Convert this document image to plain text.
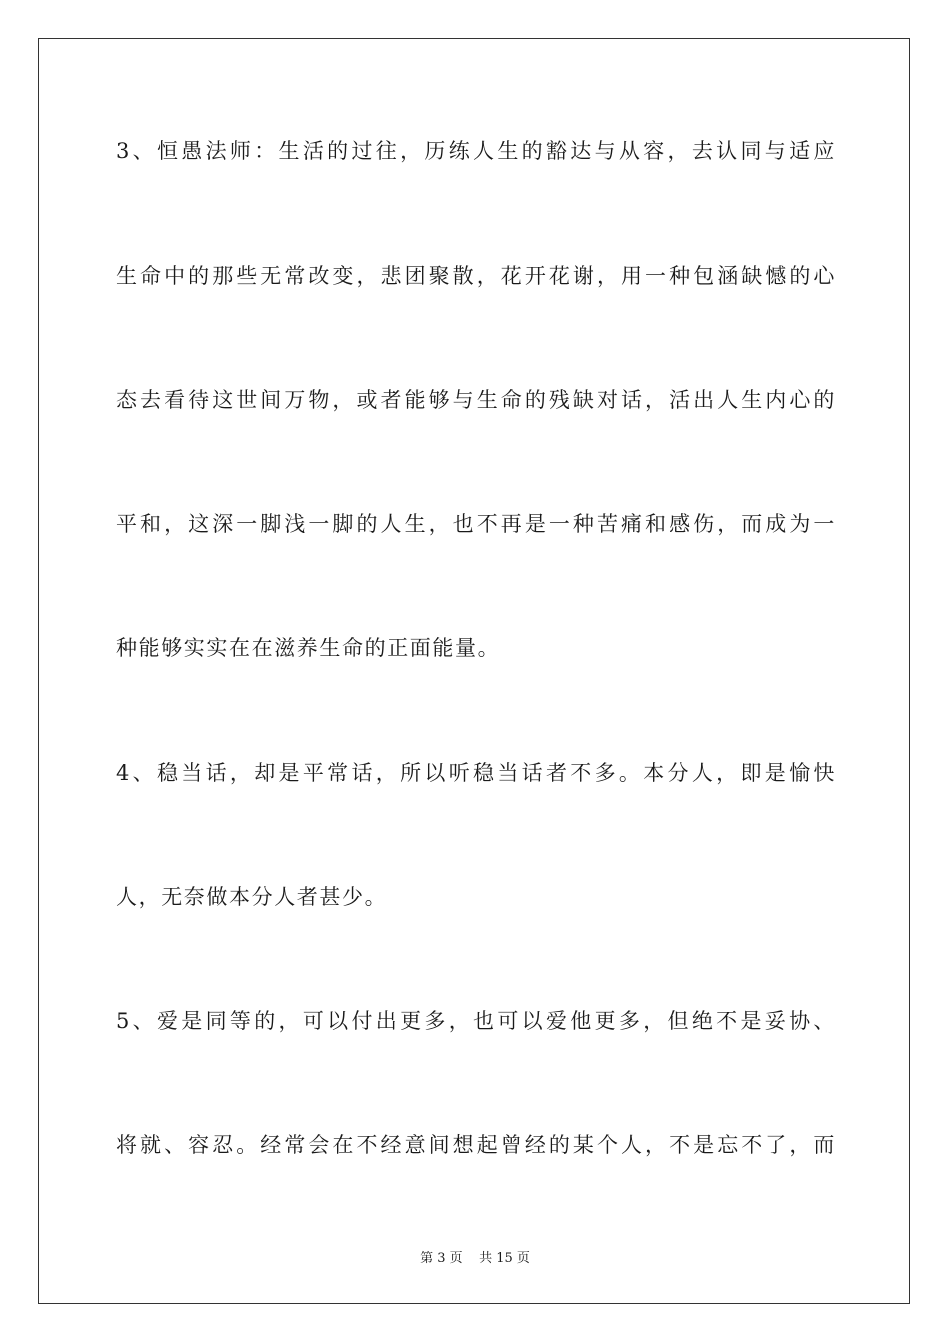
3、恒愚法师：生活的过往，历练人生的豁达与从容，去认同与适应
生命中的那些无常改变，悲团聚散，花开花谢，用一种包涵缺憾的心
态去看待这世间万物，或者能够与生命的残缺对话，活出人生内心的
平和，这深一脚浅一脚的人生，也不再是一种苦痛和感伤，而成为一
种能够实实在在滋养生命的正面能量。
4、稳当话，却是平常话，所以听稳当话者不多。本分人，即是愉快
人，无奈做本分人者甚少。
5、爱是同等的，可以付出更多，也可以爱他更多，但绝不是妥协、
将就、容忍。经常会在不经意间想起曾经的某个人，不是忘不了，而
第 3 页    共 15 页
